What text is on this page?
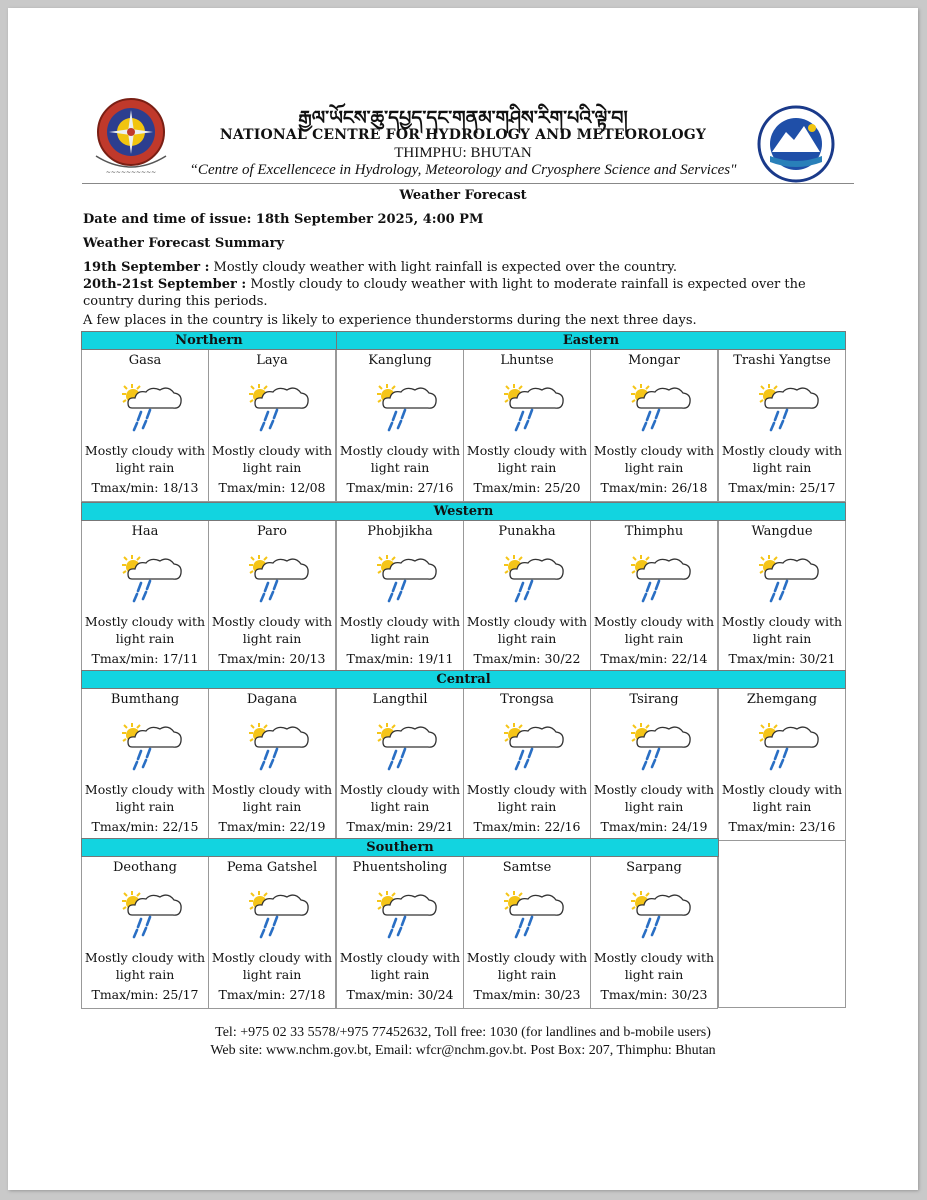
~~~~~~~~~~
རྒྱལ་ཡོངས་ཆུ་དཔྱད་དང་གནམ་གཤིས་རིག་པའི་ལྟེ་བ།
NATIONAL CENTRE FOR HYDROLOGY AND METEOROLOGY
THIMPHU: BHUTAN
“Centre of Excellencece in Hydrology, Meteorology and Cryosphere Science and Services"
Weather Forecast
Date and time of issue: 18th September 2025, 4:00 PM
Weather Forecast Summary
19th September : Mostly cloudy weather with light rainfall is expected over the country.
20th-21st September : Mostly cloudy to cloudy weather with light to moderate rainfall is expected over the country during this periods.
A few places in the country is likely to experience thunderstorms during the next three days.
Gasa
Mostly cloudy with
light rain
Tmax/min: 18/13
Laya
Mostly cloudy with
light rain
Tmax/min: 12/08
Kanglung
Mostly cloudy with
light rain
Tmax/min: 27/16
Lhuntse
Mostly cloudy with
light rain
Tmax/min: 25/20
Mongar
Mostly cloudy with
light rain
Tmax/min: 26/18
Trashi Yangtse
Mostly cloudy with
light rain
Tmax/min: 25/17
Haa
Mostly cloudy with
light rain
Tmax/min: 17/11
Paro
Mostly cloudy with
light rain
Tmax/min: 20/13
Phobjikha
Mostly cloudy with
light rain
Tmax/min: 19/11
Punakha
Mostly cloudy with
light rain
Tmax/min: 30/22
Thimphu
Mostly cloudy with
light rain
Tmax/min: 22/14
Wangdue
Mostly cloudy with
light rain
Tmax/min: 30/21
Bumthang
Mostly cloudy with
light rain
Tmax/min: 22/15
Dagana
Mostly cloudy with
light rain
Tmax/min: 22/19
Langthil
Mostly cloudy with
light rain
Tmax/min: 29/21
Trongsa
Mostly cloudy with
light rain
Tmax/min: 22/16
Tsirang
Mostly cloudy with
light rain
Tmax/min: 24/19
Zhemgang
Mostly cloudy with
light rain
Tmax/min: 23/16
Deothang
Mostly cloudy with
light rain
Tmax/min: 25/17
Pema Gatshel
Mostly cloudy with
light rain
Tmax/min: 27/18
Phuentsholing
Mostly cloudy with
light rain
Tmax/min: 30/24
Samtse
Mostly cloudy with
light rain
Tmax/min: 30/23
Sarpang
Mostly cloudy with
light rain
Tmax/min: 30/23
Northern	Eastern
Western
Central
Southern
Tel: +975 02 33 5578/+975 77452632, Toll free: 1030 (for landlines and b-mobile users)
Web site: www.nchm.gov.bt, Email: wfcr@nchm.gov.bt. Post Box: 207, Thimphu: Bhutan
